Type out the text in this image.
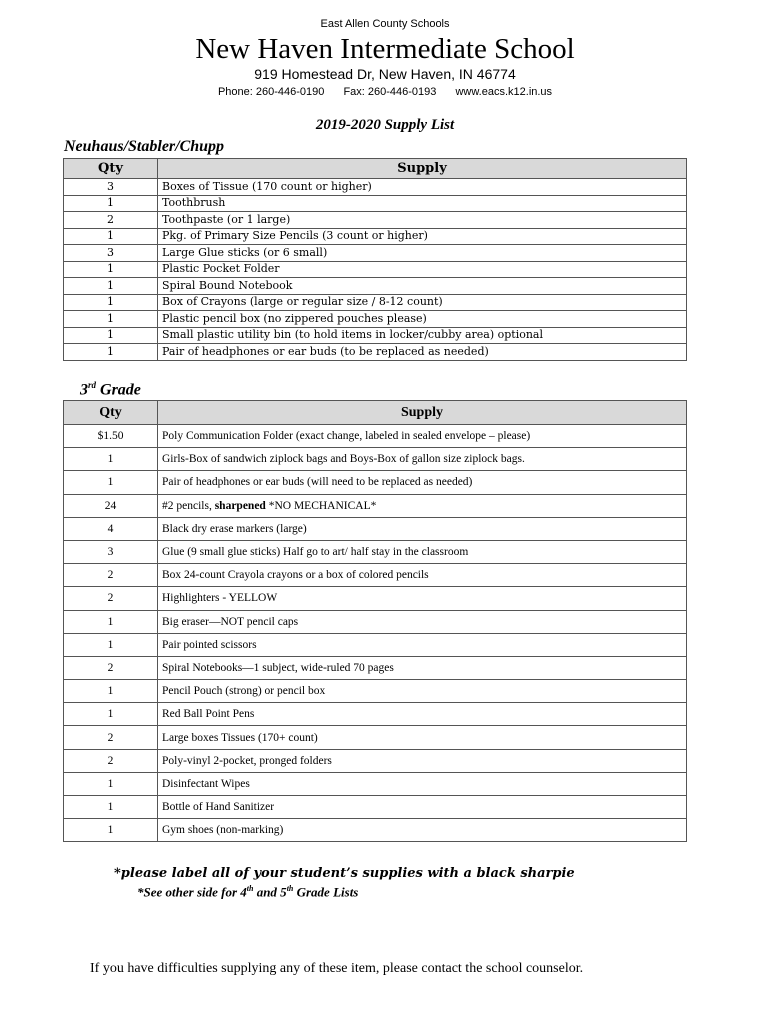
East Allen County Schools
New Haven Intermediate School
919 Homestead Dr, New Haven, IN 46774
Phone: 260-446-0190 Fax: 260-446-0193 www.eacs.k12.in.us
2019-2020 Supply List
Neuhaus/Stabler/Chupp
Qty	Supply
3	Boxes of Tissue (170 count or higher)
1	Toothbrush
2	Toothpaste (or 1 large)
1	Pkg. of Primary Size Pencils (3 count or higher)
3	Large Glue sticks (or 6 small)
1	Plastic Pocket Folder
1	Spiral Bound Notebook
1	Box of Crayons (large or regular size / 8-12 count)
1	Plastic pencil box (no zippered pouches please)
1	Small plastic utility bin (to hold items in locker/cubby area) optional
1	Pair of headphones or ear buds (to be replaced as needed)
3rd Grade
Qty	Supply
$1.50	Poly Communication Folder (exact change, labeled in sealed envelope – please)
1	Girls-Box of sandwich ziplock bags and Boys-Box of gallon size ziplock bags.
1	Pair of headphones or ear buds (will need to be replaced as needed)
24	#2 pencils, sharpened *NO MECHANICAL*
4	Black dry erase markers (large)
3	Glue (9 small glue sticks) Half go to art/ half stay in the classroom
2	Box 24-count Crayola crayons or a box of colored pencils
2	Highlighters - YELLOW
1	Big eraser—NOT pencil caps
1	Pair pointed scissors
2	Spiral Notebooks—1 subject, wide-ruled 70 pages
1	Pencil Pouch (strong) or pencil box
1	Red Ball Point Pens
2	Large boxes Tissues (170+ count)
2	Poly-vinyl 2-pocket, pronged folders
1	Disinfectant Wipes
1	Bottle of Hand Sanitizer
1	Gym shoes (non-marking)
*please label all of your student’s supplies with a black sharpie
*See other side for 4th and 5th Grade Lists
If you have difficulties supplying any of these item, please contact the school counselor.
